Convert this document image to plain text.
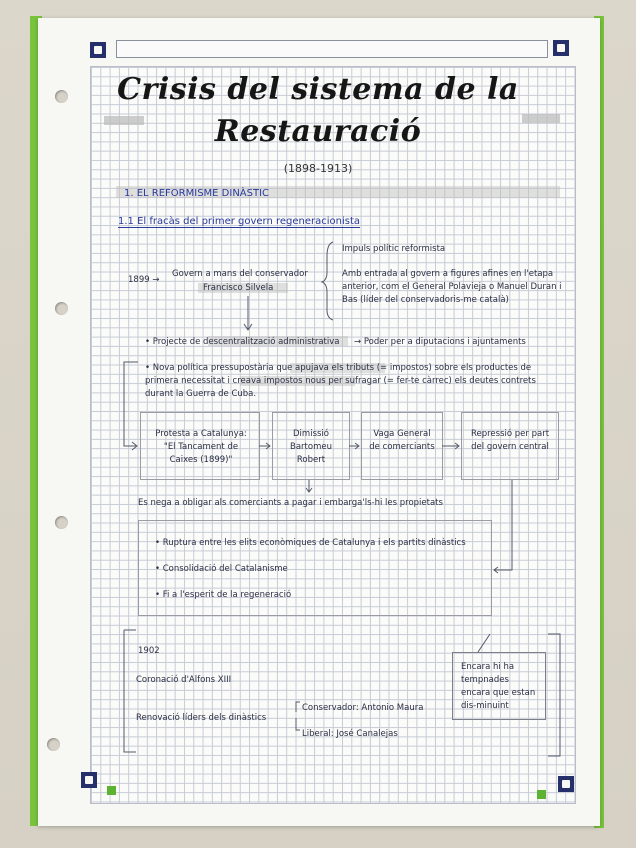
Crisis del sistema de la
Restauració
(1898-1913)
1. EL REFORMISME DINÀSTIC
1.1 El fracàs del primer govern regeneracionista
1899 →
Govern a mans del conservador
Francisco Silvela
Impuls polític reformista
Amb entrada al govern a figures afines en l'etapa anterior, com el General Polavieja o Manuel Duran i Bas (líder del conservadoris-me català)
• Projecte de descentralització administrativa → Poder per a diputacions i ajuntaments
• Nova política pressupostària que apujava els tributs (= impostos) sobre els productes de primera necessitat i creava impostos nous per sufragar (= fer-te càrrec) els deutes contrets durant la Guerra de Cuba.
Protesta a Catalunya: "El Tancament de Caixes (1899)"
Dimissió Bartomeu Robert
Vaga General de comerciants
Repressió per part del govern central
Es nega a obligar als comerciants a pagar i embarga'ls-hi les propietats
• Ruptura entre les elits econòmiques de Catalunya i els partits dinàstics
• Consolidació del Catalanisme
• Fi a l'esperit de la regeneració
1902
Coronació d'Alfons XIII
Renovació líders dels dinàstics
Conservador: Antonio Maura
Liberal: José Canalejas
Encara hi ha tempnades encara que estan dis-minuint
